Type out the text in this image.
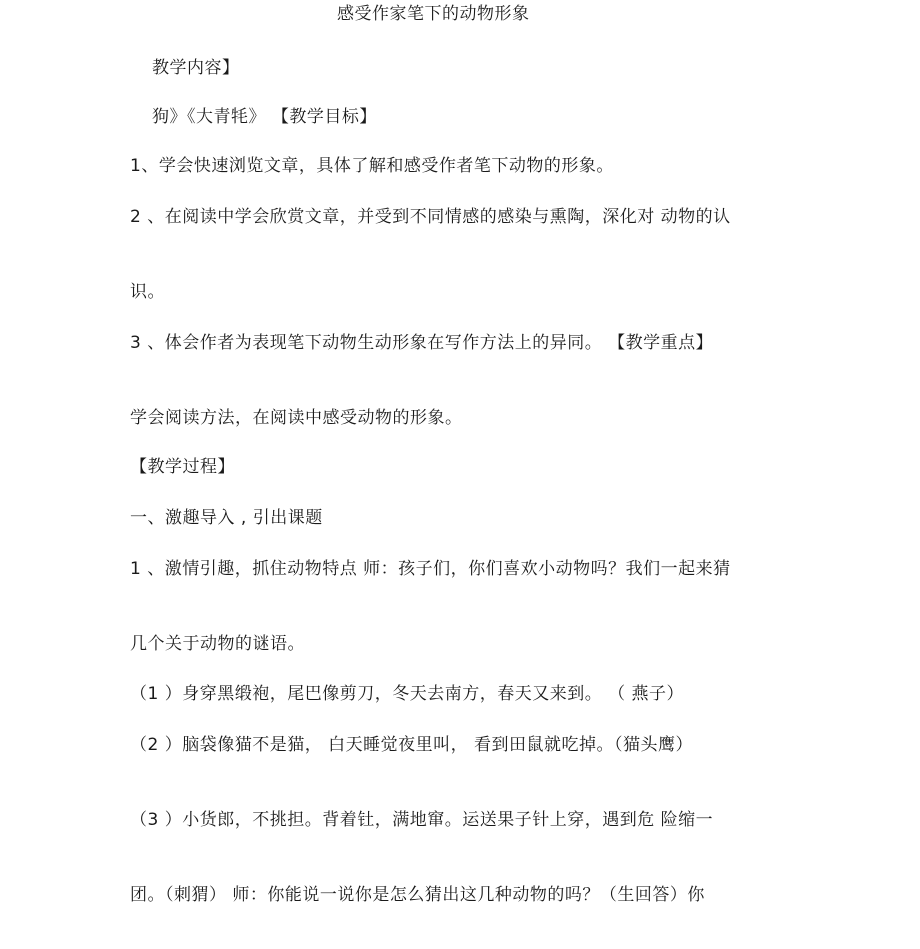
感受作家笔下的动物形象
教学内容】
狗》《大青牦》 【教学目标】
1、学会快速浏览文章，具体了解和感受作者笔下动物的形象。
2 、在阅读中学会欣赏文章，并受到不同情感的感染与熏陶，深化对 动物的认
识。
3 、体会作者为表现笔下动物生动形象在写作方法上的异同。 【教学重点】
学会阅读方法，在阅读中感受动物的形象。
【教学过程】
一、激趣导入 , 引出课题
1 、激情引趣，抓住动物特点 师：孩子们，你们喜欢小动物吗？我们一起来猜
几个关于动物的谜语。
（1 ）身穿黑缎袍，尾巴像剪刀，冬天去南方，春天又来到。 （ 燕子）
（2 ）脑袋像猫不是猫， 白天睡觉夜里叫， 看到田鼠就吃掉。（猫头鹰）
（3 ）小货郎，不挑担。背着钍，满地窜。运送果子针上穿，遇到危 险缩一
团。（刺猬） 师：你能说一说你是怎么猜出这几种动物的吗？（生回答）你
